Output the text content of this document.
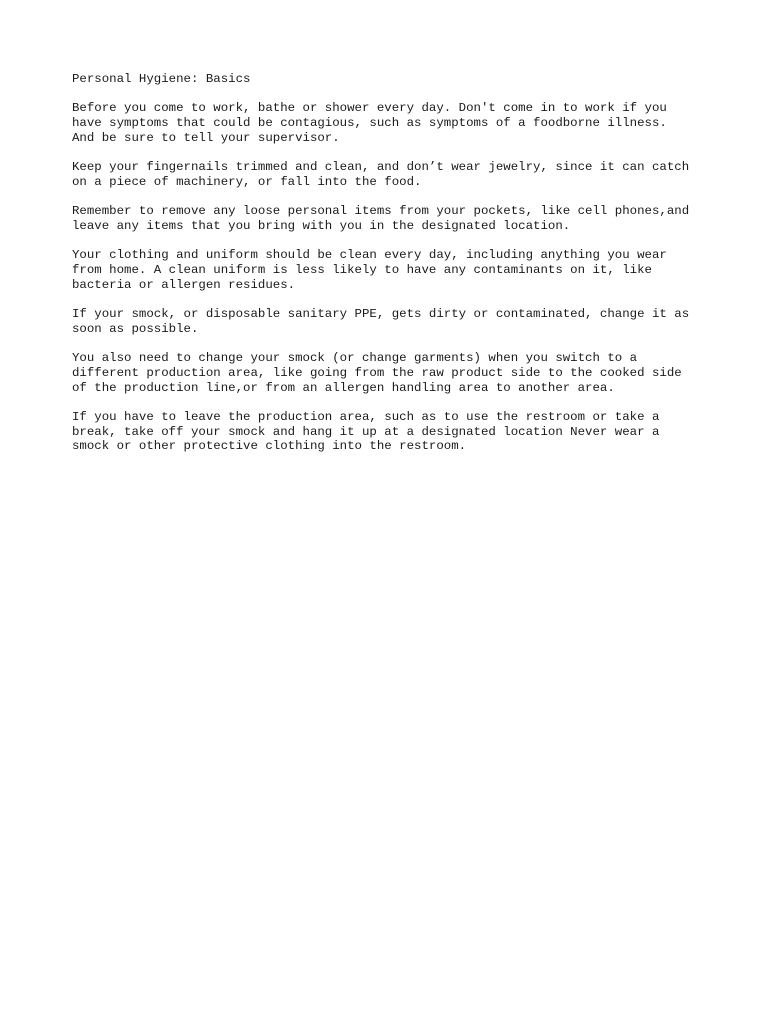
Personal Hygiene: Basics
Before you come to work, bathe or shower every day. Don't come in to work if you
have symptoms that could be contagious, such as symptoms of a foodborne illness.
And be sure to tell your supervisor.
Keep your fingernails trimmed and clean, and don’t wear jewelry, since it can catch
on a piece of machinery, or fall into the food.
Remember to remove any loose personal items from your pockets, like cell phones,and
leave any items that you bring with you in the designated location.
Your clothing and uniform should be clean every day, including anything you wear
from home. A clean uniform is less likely to have any contaminants on it, like
bacteria or allergen residues.
If your smock, or disposable sanitary PPE, gets dirty or contaminated, change it as
soon as possible.
You also need to change your smock (or change garments) when you switch to a
different production area, like going from the raw product side to the cooked side
of the production line,or from an allergen handling area to another area.
If you have to leave the production area, such as to use the restroom or take a
break, take off your smock and hang it up at a designated location Never wear a
smock or other protective clothing into the restroom.
